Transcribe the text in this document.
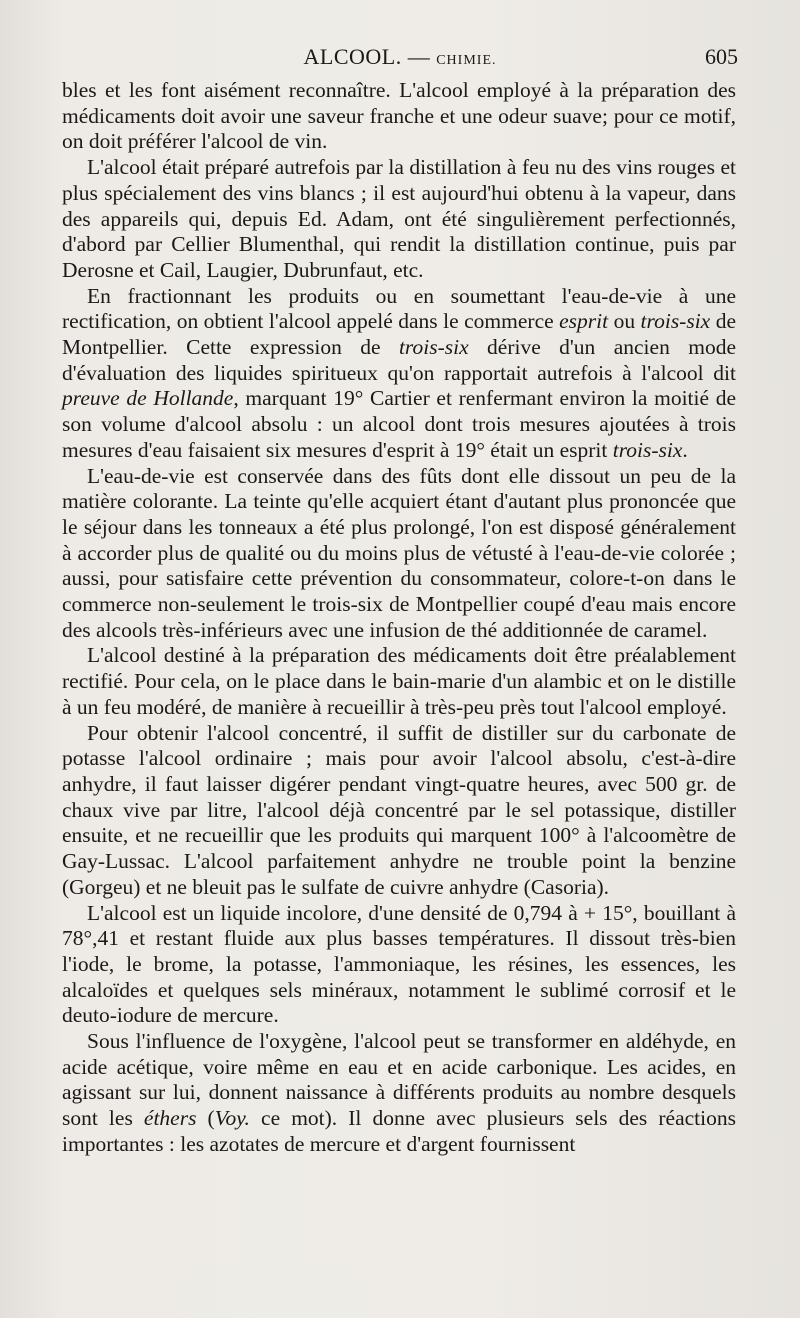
ALCOOL. — CHIMIE.	605

bles et les font aisément reconnaître. L'alcool employé à la préparation des médicaments doit avoir une saveur franche et une odeur suave; pour ce motif, on doit préférer l'alcool de vin.

L'alcool était préparé autrefois par la distillation à feu nu des vins rouges et plus spécialement des vins blancs ; il est aujourd'hui obtenu à la vapeur, dans des appareils qui, depuis Ed. Adam, ont été singulièrement perfectionnés, d'abord par Cellier Blumenthal, qui rendit la distillation continue, puis par Derosne et Cail, Laugier, Dubrunfaut, etc.

En fractionnant les produits ou en soumettant l'eau-de-vie à une rectification, on obtient l'alcool appelé dans le commerce esprit ou trois-six de Montpellier. Cette expression de trois-six dérive d'un ancien mode d'évaluation des liquides spiritueux qu'on rapportait autrefois à l'alcool dit preuve de Hollande, marquant 19° Cartier et renfermant environ la moitié de son volume d'alcool absolu : un alcool dont trois mesures ajoutées à trois mesures d'eau faisaient six mesures d'esprit à 19° était un esprit trois-six.

L'eau-de-vie est conservée dans des fûts dont elle dissout un peu de la matière colorante. La teinte qu'elle acquiert étant d'autant plus prononcée que le séjour dans les tonneaux a été plus prolongé, l'on est disposé généralement à accorder plus de qualité ou du moins plus de vétusté à l'eau-de-vie colorée ; aussi, pour satisfaire cette prévention du consommateur, colore-t-on dans le commerce non-seulement le trois-six de Montpellier coupé d'eau mais encore des alcools très-inférieurs avec une infusion de thé additionnée de caramel.

L'alcool destiné à la préparation des médicaments doit être préalablement rectifié. Pour cela, on le place dans le bain-marie d'un alambic et on le distille à un feu modéré, de manière à recueillir à très-peu près tout l'alcool employé.

Pour obtenir l'alcool concentré, il suffit de distiller sur du carbonate de potasse l'alcool ordinaire ; mais pour avoir l'alcool absolu, c'est-à-dire anhydre, il faut laisser digérer pendant vingt-quatre heures, avec 500 gr. de chaux vive par litre, l'alcool déjà concentré par le sel potassique, distiller ensuite, et ne recueillir que les produits qui marquent 100° à l'alcoomètre de Gay-Lussac. L'alcool parfaitement anhydre ne trouble point la benzine (Gorgeu) et ne bleuit pas le sulfate de cuivre anhydre (Casoria).

L'alcool est un liquide incolore, d'une densité de 0,794 à + 15°, bouillant à 78°,41 et restant fluide aux plus basses températures. Il dissout très-bien l'iode, le brome, la potasse, l'ammoniaque, les résines, les essences, les alcaloïdes et quelques sels minéraux, notamment le sublimé corrosif et le deuto-iodure de mercure.

Sous l'influence de l'oxygène, l'alcool peut se transformer en aldéhyde, en acide acétique, voire même en eau et en acide carbonique. Les acides, en agissant sur lui, donnent naissance à différents produits au nombre desquels sont les éthers (Voy. ce mot). Il donne avec plusieurs sels des réactions importantes : les azotates de mercure et d'argent fournissent
